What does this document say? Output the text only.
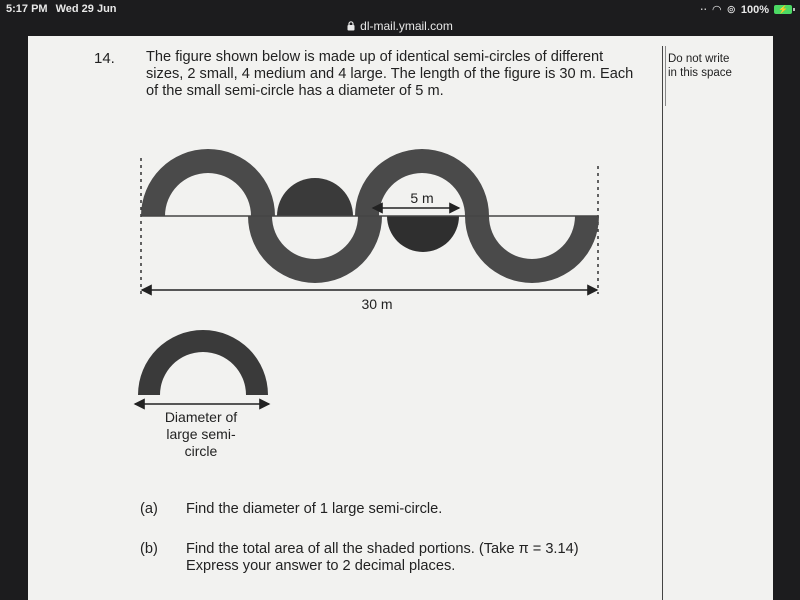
5:17 PM Wed 29 Jun	⋅⋅ ◠ ⊚ 100%	⚡
dl-mail.ymail.com
Do not write
in this space
14. The figure shown below is made up of identical semi-circles of different

sizes, 2 small, 4 medium and 4 large. The length of the figure is 30 m. Each

of the small semi-circle has a diameter of 5 m.

5 m
30 m
Diameter of
large semi-
circle
(a) Find the diameter of 1 large semi-circle.
(b) Find the total area of all the shaded portions. (Take π = 3.14)
Express your answer to 2 decimal places.
